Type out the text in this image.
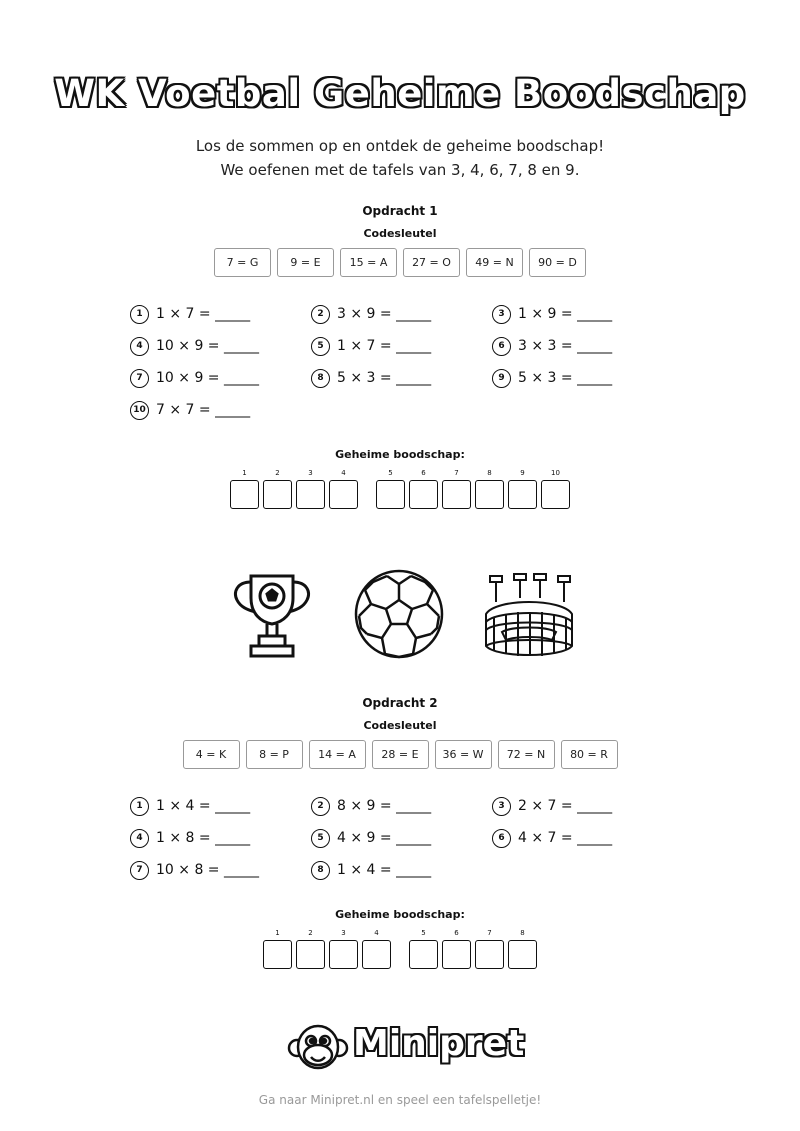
WK Voetbal Geheime Boodschap
Los de sommen op en ontdek de geheime boodschap!
We oefenen met de tafels van 3, 4, 6, 7, 8 en 9.
Opdracht 1
Codesleutel
7 = G	9 = E	15 = A	27 = O	49 = N	90 = D
1 1 × 7 = _____	2 3 × 9 = _____	3 1 × 9 = _____
4 10 × 9 = _____	5 1 × 7 = _____	6 3 × 3 = _____
7 10 × 9 = _____	8 5 × 3 = _____	9 5 × 3 = _____
10 7 × 7 = _____
Geheime boodschap:
1	2	3	4	5	6	7	8	9	10
Opdracht 2
Codesleutel
4 = K	8 = P	14 = A	28 = E	36 = W	72 = N	80 = R
1 1 × 4 = _____	2 8 × 9 = _____	3 2 × 7 = _____
4 1 × 8 = _____	5 4 × 9 = _____	6 4 × 7 = _____
7 10 × 8 = _____	8 1 × 4 = _____
Geheime boodschap:
1	2	3	4	5	6	7	8
Minipret
Ga naar Minipret.nl en speel een tafelspelletje!
